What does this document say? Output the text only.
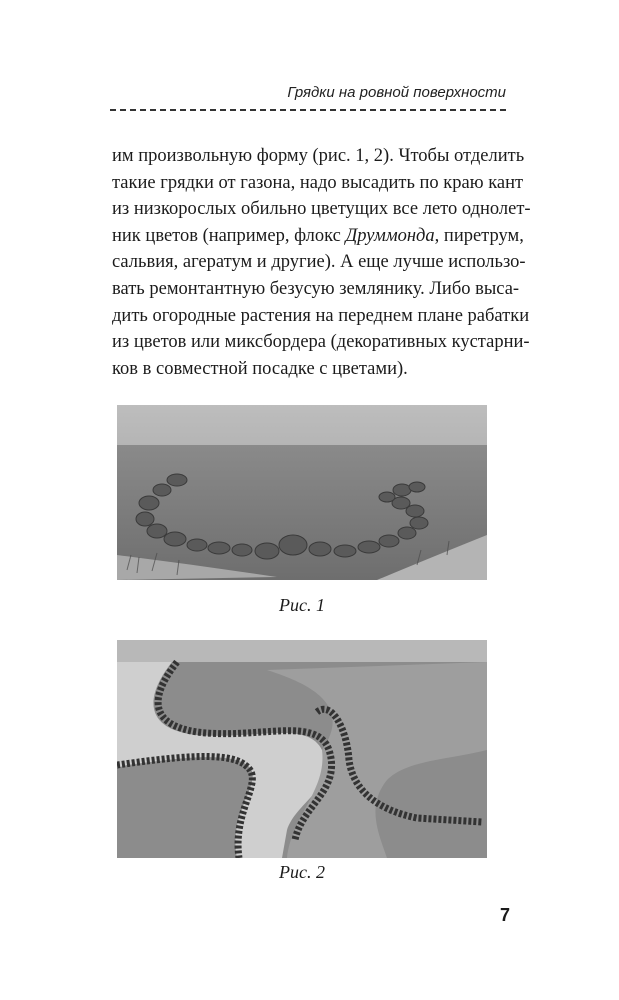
Грядки на ровной поверхности

им произвольную форму (рис. 1, 2). Чтобы отделить
такие грядки от газона, надо высадить по краю кант
из низкорослых обильно цветущих все лето однолет-
ник цветов (например, флокс Друммонда, пиретрум,
сальвия, агератум и другие). А еще лучше использо-
вать ремонтантную безусую землянику. Либо выса-
дить огородные растения на переднем плане рабатки
из цветов или миксбордера (декоративных кустарни-
ков в совместной посадке с цветами).

Рис. 1
Рис. 2
7
